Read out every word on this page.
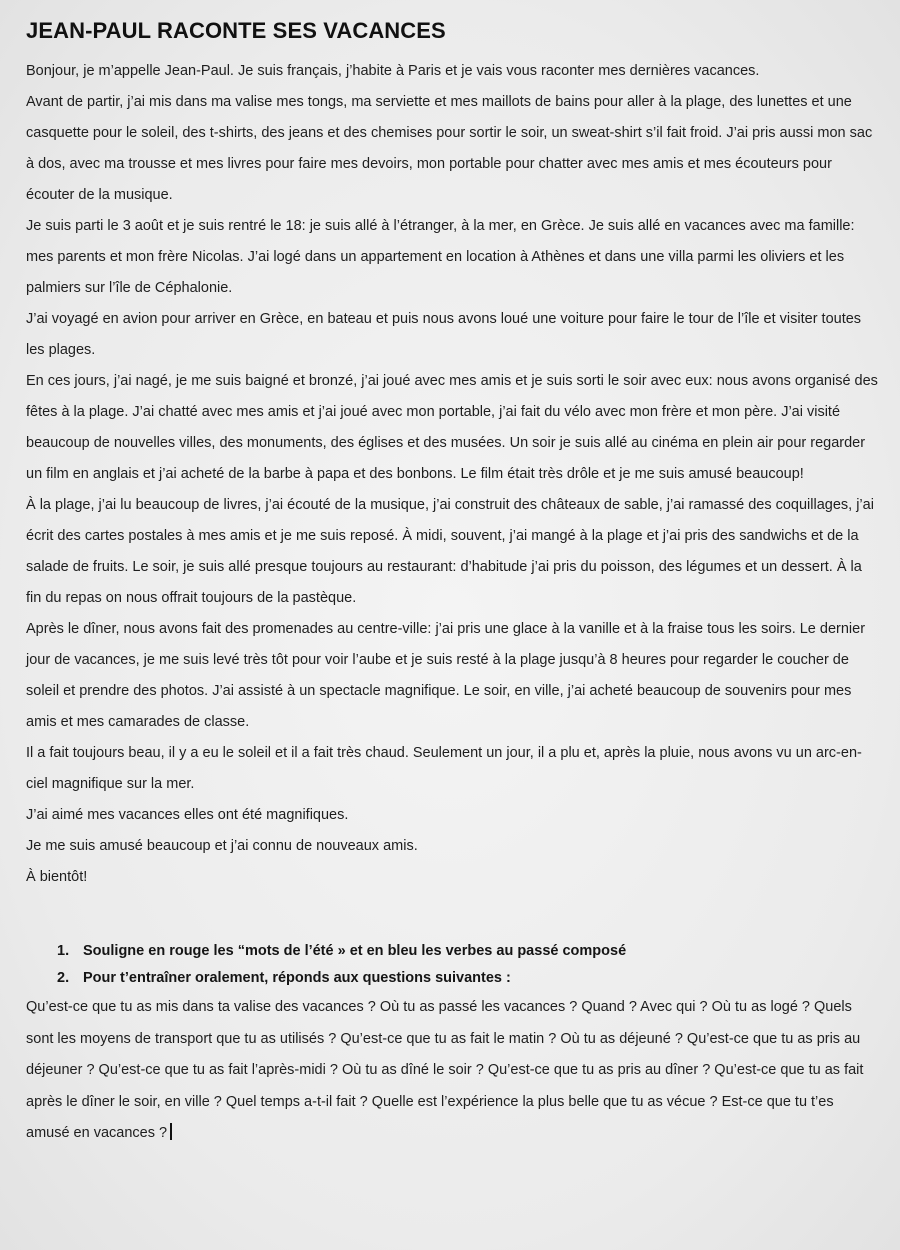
JEAN-PAUL RACONTE SES VACANCES

Bonjour, je m’appelle Jean-Paul. Je suis français, j’habite à Paris et je vais vous raconter mes dernières vacances.

Avant de partir, j’ai mis dans ma valise mes tongs, ma serviette et mes maillots de bains pour aller à la plage, des lunettes et une casquette pour le soleil, des t-shirts, des jeans et des chemises pour sortir le soir, un sweat-shirt s’il fait froid. J’ai pris aussi mon sac à dos, avec ma trousse et mes livres pour faire mes devoirs, mon portable pour chatter avec mes amis et mes écouteurs pour écouter de la musique.

Je suis parti le 3 août et je suis rentré le 18: je suis allé à l’étranger, à la mer, en Grèce. Je suis allé en vacances avec ma famille: mes parents et mon frère Nicolas. J’ai logé dans un appartement en location à Athènes et dans une villa parmi les oliviers et les palmiers sur l’île de Céphalonie.

J’ai voyagé en avion pour arriver en Grèce, en bateau et puis nous avons loué une voiture pour faire le tour de l’île et visiter toutes les plages.

En ces jours, j’ai nagé, je me suis baigné et bronzé, j’ai joué avec mes amis et je suis sorti le soir avec eux: nous avons organisé des fêtes à la plage. J’ai chatté avec mes amis et j’ai joué avec mon portable, j’ai fait du vélo avec mon frère et mon père. J’ai visité beaucoup de nouvelles villes, des monuments, des églises et des musées. Un soir je suis allé au cinéma en plein air pour regarder un film en anglais et j’ai acheté de la barbe à papa et des bonbons. Le film était très drôle et je me suis amusé beaucoup!

À la plage, j’ai lu beaucoup de livres, j’ai écouté de la musique, j’ai construit des châteaux de sable, j’ai ramassé des coquillages, j’ai écrit des cartes postales à mes amis et je me suis reposé. À midi, souvent, j’ai mangé à la plage et j’ai pris des sandwichs et de la salade de fruits. Le soir, je suis allé presque toujours au restaurant: d’habitude j’ai pris du poisson, des légumes et un dessert. À la fin du repas on nous offrait toujours de la pastèque.

Après le dîner, nous avons fait des promenades au centre-ville: j’ai pris une glace à la vanille et à la fraise tous les soirs. Le dernier jour de vacances, je me suis levé très tôt pour voir l’aube et je suis resté à la plage jusqu’à 8 heures pour regarder le coucher de soleil et prendre des photos. J’ai assisté à un spectacle magnifique. Le soir, en ville, j’ai acheté beaucoup de souvenirs pour mes amis et mes camarades de classe.

Il a fait toujours beau, il y a eu le soleil et il a fait très chaud. Seulement un jour, il a plu et, après la pluie, nous avons vu un arc-en-ciel magnifique sur la mer.

J’ai aimé mes vacances elles ont été magnifiques.

Je me suis amusé beaucoup et j’ai connu de nouveaux amis.

À bientôt!

1. Souligne en rouge les “mots de l’été » et en bleu les verbes au passé composé
2. Pour t’entraîner oralement, réponds aux questions suivantes :

Qu’est-ce que tu as mis dans ta valise des vacances ? Où tu as passé les vacances ? Quand ? Avec qui ? Où tu as logé ? Quels sont les moyens de transport que tu as utilisés ? Qu’est-ce que tu as fait le matin ? Où tu as déjeuné ? Qu’est-ce que tu as pris au déjeuner ? Qu’est-ce que tu as fait l’après-midi ? Où tu as dîné le soir ? Qu’est-ce que tu as pris au dîner ? Qu’est-ce que tu as fait après le dîner le soir, en ville ? Quel temps a-t-il fait ? Quelle est l’expérience la plus belle que tu as vécue ? Est-ce que tu t’es amusé en vacances ?
